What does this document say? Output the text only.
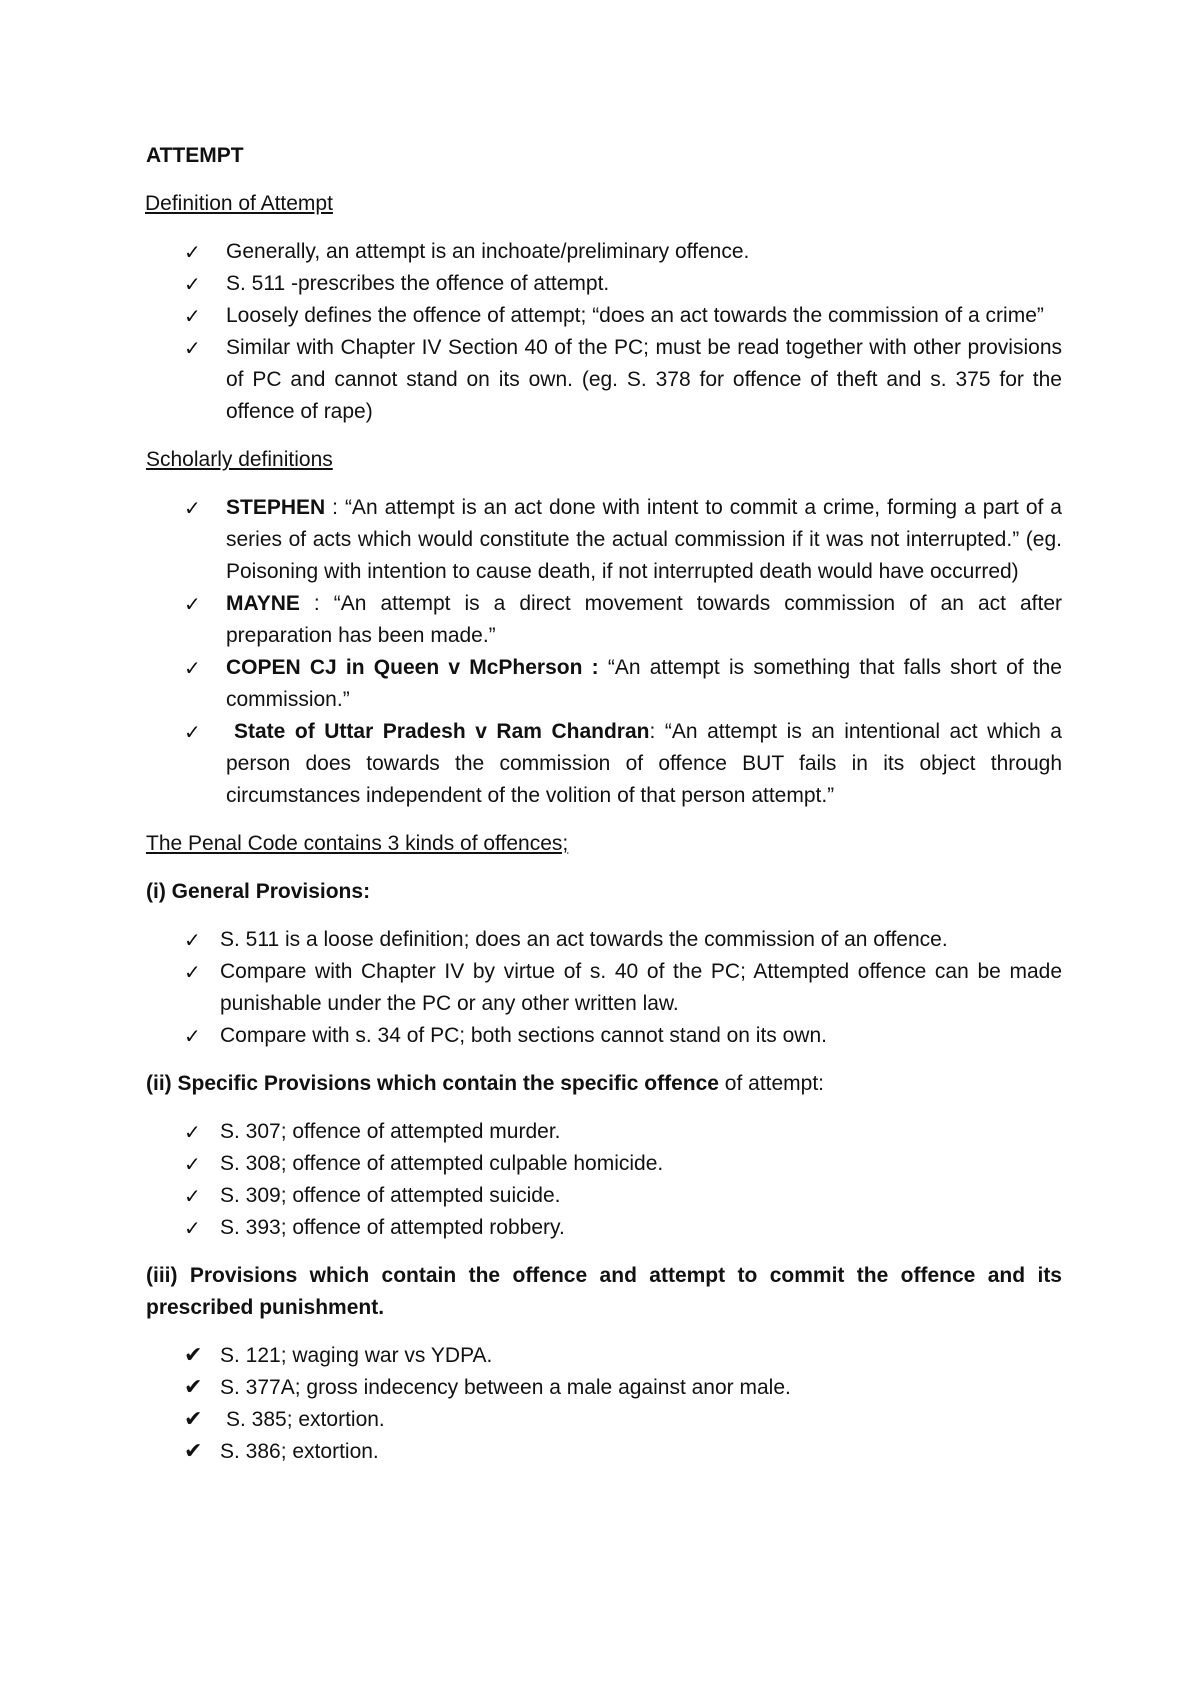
ATTEMPT
Definition of Attempt
✓ Generally, an attempt is an inchoate/preliminary offence.
✓ S. 511 -prescribes the offence of attempt.
✓ Loosely defines the offence of attempt; “does an act towards the commission of a crime”
✓ Similar with Chapter IV Section 40 of the PC; must be read together with other provisions of PC and cannot stand on its own. (eg. S. 378 for offence of theft and s. 375 for the offence of rape)
Scholarly definitions
✓ STEPHEN : “An attempt is an act done with intent to commit a crime, forming a part of a series of acts which would constitute the actual commission if it was not interrupted.” (eg. Poisoning with intention to cause death, if not interrupted death would have occurred)
✓ MAYNE : “An attempt is a direct movement towards commission of an act after preparation has been made.”
✓ COPEN CJ in Queen v McPherson : “An attempt is something that falls short of the commission.”
✓ State of Uttar Pradesh v Ram Chandran: “An attempt is an intentional act which a person does towards the commission of offence BUT fails in its object through circumstances independent of the volition of that person attempt.”
The Penal Code contains 3 kinds of offences;
(i) General Provisions:
✓ S. 511 is a loose definition; does an act towards the commission of an offence.
✓ Compare with Chapter IV by virtue of s. 40 of the PC; Attempted offence can be made punishable under the PC or any other written law.
✓ Compare with s. 34 of PC; both sections cannot stand on its own.
(ii) Specific Provisions which contain the specific offence of attempt:
✓ S. 307; offence of attempted murder.
✓ S. 308; offence of attempted culpable homicide.
✓ S. 309; offence of attempted suicide.
✓ S. 393; offence of attempted robbery.

(iii) Provisions which contain the offence and attempt to commit the offence and its prescribed punishment.

✔ S. 121; waging war vs YDPA.
✔ S. 377A; gross indecency between a male against anor male.
✔ S. 385; extortion.
✔ S. 386; extortion.
